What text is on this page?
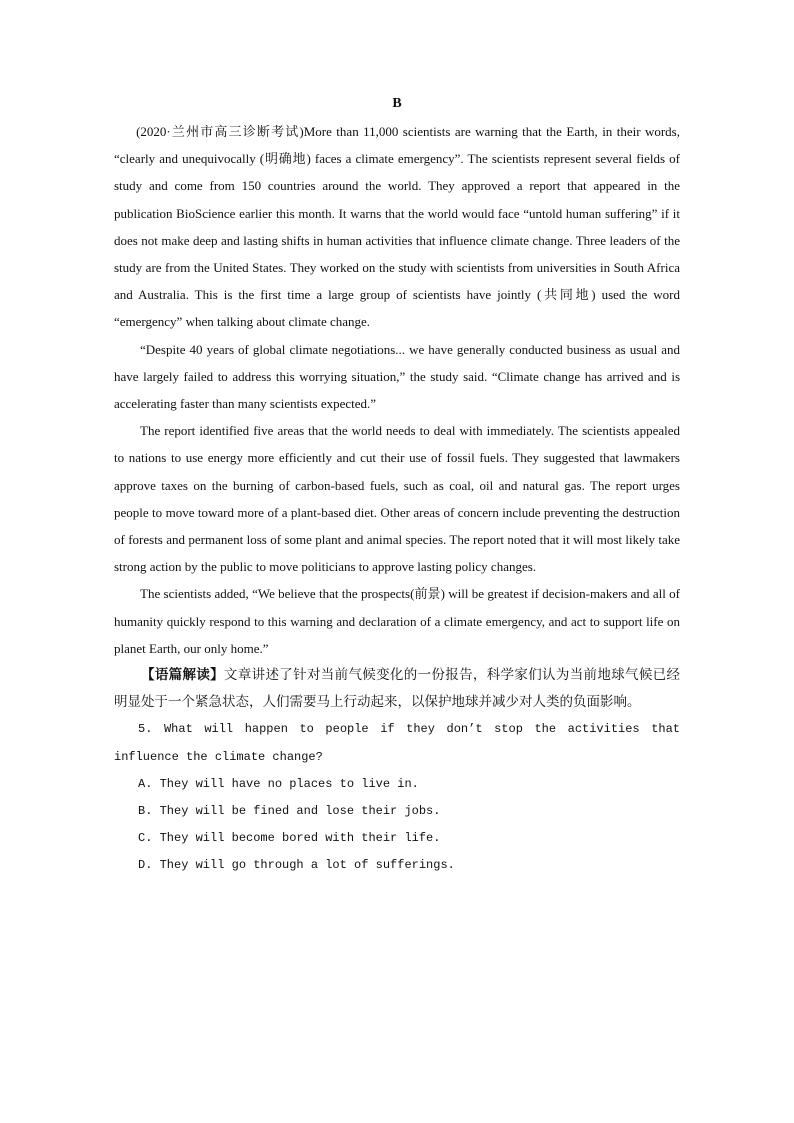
B

(2020·兰州市高三诊断考试)More than 11,000 scientists are warning that the Earth, in their words, “clearly and unequivocally (明确地) faces a climate emergency”. The scientists represent several fields of study and come from 150 countries around the world. They approved a report that appeared in the publication BioScience earlier this month. It warns that the world would face “untold human suffering” if it does not make deep and lasting shifts in human activities that influence climate change. Three leaders of the study are from the United States. They worked on the study with scientists from universities in South Africa and Australia. This is the first time a large group of scientists have jointly (共同地) used the word “emergency” when talking about climate change.

“Despite 40 years of global climate negotiations... we have generally conducted business as usual and have largely failed to address this worrying situation,” the study said. “Climate change has arrived and is accelerating faster than many scientists expected.”

The report identified five areas that the world needs to deal with immediately. The scientists appealed to nations to use energy more efficiently and cut their use of fossil fuels. They suggested that lawmakers approve taxes on the burning of carbon-based fuels, such as coal, oil and natural gas. The report urges people to move toward more of a plant-based diet. Other areas of concern include preventing the destruction of forests and permanent loss of some plant and animal species. The report noted that it will most likely take strong action by the public to move politicians to approve lasting policy changes.

The scientists added, “We believe that the prospects(前景) will be greatest if decision-makers and all of humanity quickly respond to this warning and declaration of a climate emergency, and act to support life on planet Earth, our only home.”

【语篇解读】文章讲述了针对当前气候变化的一份报告，科学家们认为当前地球气候已经明显处于一个紧急状态，人们需要马上行动起来，以保护地球并减少对人类的负面影响。

5. What will happen to people if they don’t stop the activities that influence the climate change?

A. They will have no places to live in.

B. They will be fined and lose their jobs.

C. They will become bored with their life.

D. They will go through a lot of sufferings.
